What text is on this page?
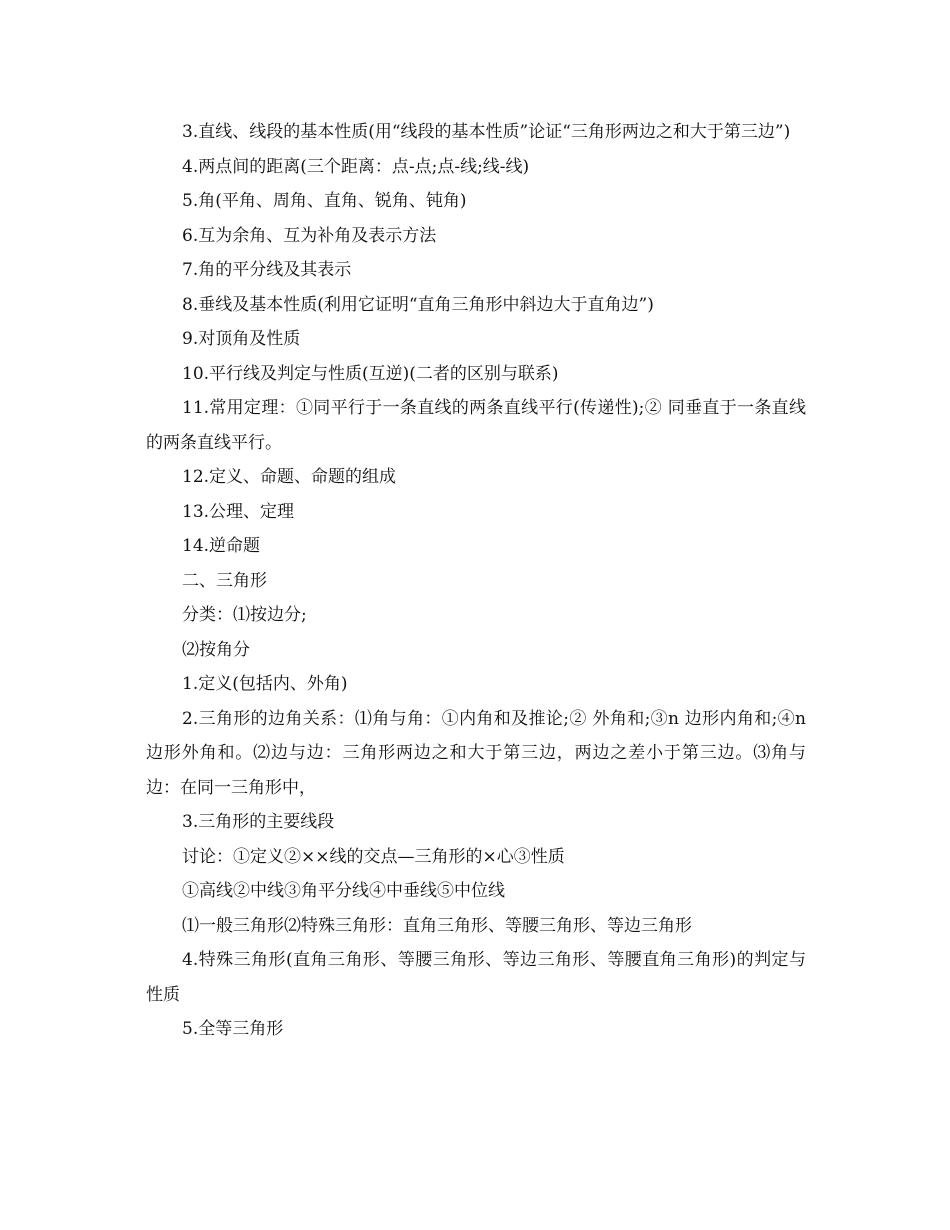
3.直线、线段的基本性质(用“线段的基本性质”论证“三角形两边之和大于第三边”)

4.两点间的距离(三个距离：点-点;点-线;线-线)

5.角(平角、周角、直角、锐角、钝角)

6.互为余角、互为补角及表示方法

7.角的平分线及其表示

8.垂线及基本性质(利用它证明“直角三角形中斜边大于直角边”)

9.对顶角及性质

10.平行线及判定与性质(互逆)(二者的区别与联系)

11.常用定理：①同平行于一条直线的两条直线平行(传递性);② 同垂直于一条直线的两条直线平行。

12.定义、命题、命题的组成

13.公理、定理

14.逆命题

二、三角形

分类：⑴按边分;

⑵按角分

1.定义(包括内、外角)

2.三角形的边角关系：⑴角与角：①内角和及推论;② 外角和;③n 边形内角和;④n 边形外角和。⑵边与边：三角形两边之和大于第三边，两边之差小于第三边。⑶角与边：在同一三角形中，

3.三角形的主要线段

讨论：①定义②××线的交点—三角形的×心③性质

①高线②中线③角平分线④中垂线⑤中位线

⑴一般三角形⑵特殊三角形：直角三角形、等腰三角形、等边三角形

4.特殊三角形(直角三角形、等腰三角形、等边三角形、等腰直角三角形)的判定与性质

5.全等三角形
